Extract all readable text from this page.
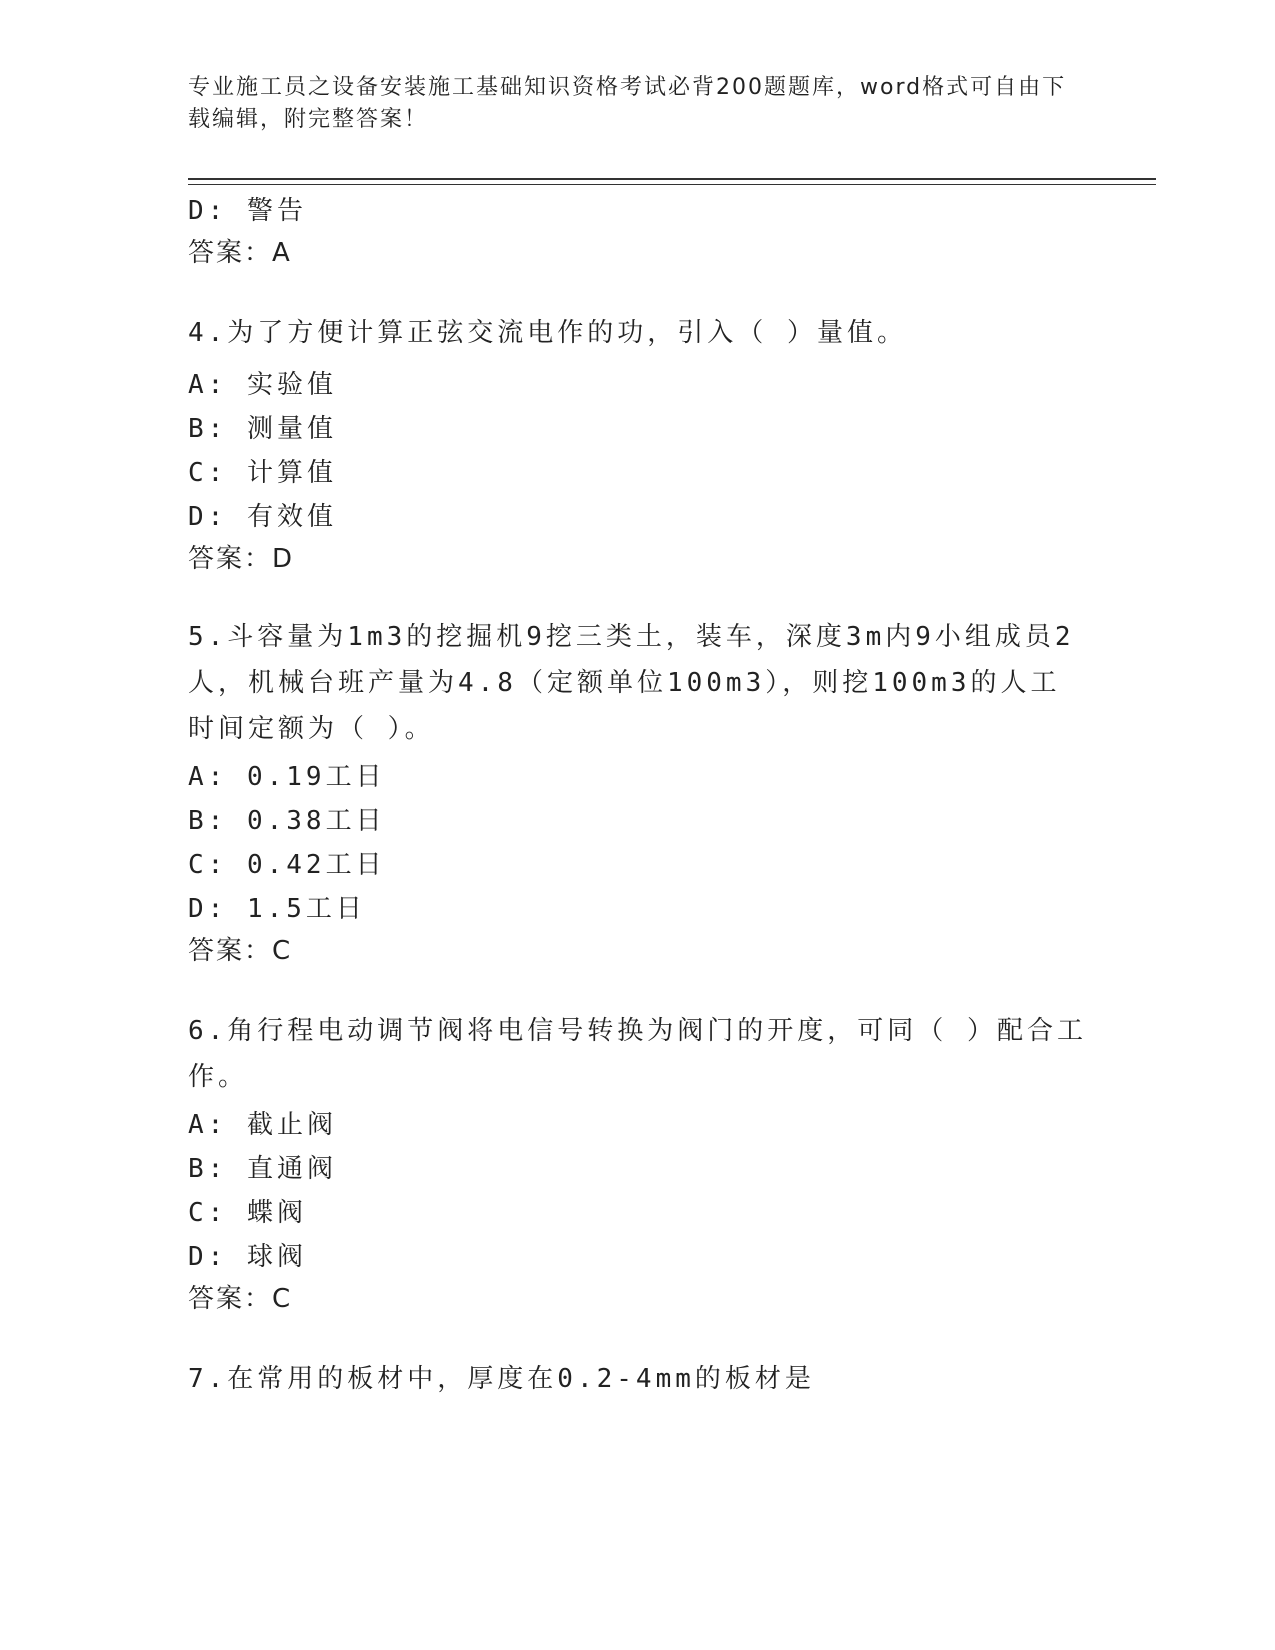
专业施工员之设备安装施工基础知识资格考试必背200题题库，word格式可自由下载编辑，附完整答案！
D: 警告
答案：A
4.为了方便计算正弦交流电作的功，引入（ ）量值。
A: 实验值
B: 测量值
C: 计算值
D: 有效值
答案：D
5.斗容量为1m3的挖掘机9挖三类土，装车，深度3m内9小组成员2人，机械台班产量为4.8（定额单位100m3），则挖100m3的人工时间定额为（ ）。
A: 0.19工日
B: 0.38工日
C: 0.42工日
D: 1.5工日
答案：C
6.角行程电动调节阀将电信号转换为阀门的开度，可同（ ）配合工作。
A: 截止阀
B: 直通阀
C: 蝶阀
D: 球阀
答案：C
7.在常用的板材中，厚度在0.2-4mm的板材是
